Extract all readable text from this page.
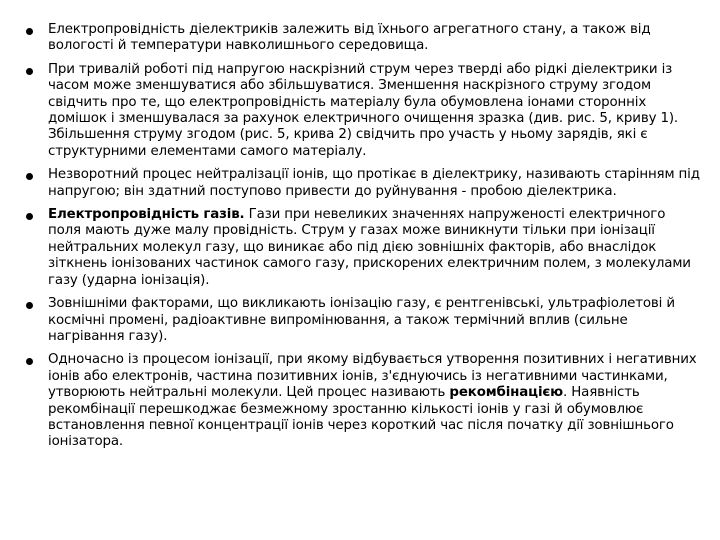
Електропровідність діелектриків залежить від їхнього агрегатного стану, а також від вологості й температури навколишнього середовища.
При тривалій роботі під напругою наскрізний струм через тверді або рідкі діелектрики із часом може зменшуватися або збільшуватися. Зменшення наскрізного струму згодом свідчить про те, що електропровідність матеріалу була обумовлена іонами сторонніх домішок і зменшувалася за рахунок електричного очищення зразка (див. рис. 5, криву 1). Збільшення струму згодом (рис. 5, крива 2) свідчить про участь у ньому зарядів, які є структурними елементами самого матеріалу.
Незворотний процес нейтралізації іонів, що протікає в діелектрику, називають старінням під напругою; він здатний поступово привести до руйнування - пробою діелектрика.
Електропровідність газів. Гази при невеликих значеннях напруженості електричного поля мають дуже малу провідність. Струм у газах може виникнути тільки при іонізації нейтральних молекул газу, що виникає або під дією зовнішніх факторів, або внаслідок зіткнень іонізованих частинок самого газу, прискорених електричним полем, з молекулами газу (ударна іонізація).
Зовнішніми факторами, що викликають іонізацію газу, є рентгенівські, ультрафіолетові й космічні промені, радіоактивне випромінювання, а також термічний вплив (сильне нагрівання газу).
Одночасно із процесом іонізації, при якому відбувається утворення позитивних і негативних іонів або електронів, частина позитивних іонів, з'єднуючись із негативними частинками, утворюють нейтральні молекули. Цей процес називають рекомбінацією. Наявність рекомбінації перешкоджає безмежному зростанню кількості іонів у газі й обумовлює встановлення певної концентрації іонів через короткий час після початку дії зовнішнього іонізатора.
